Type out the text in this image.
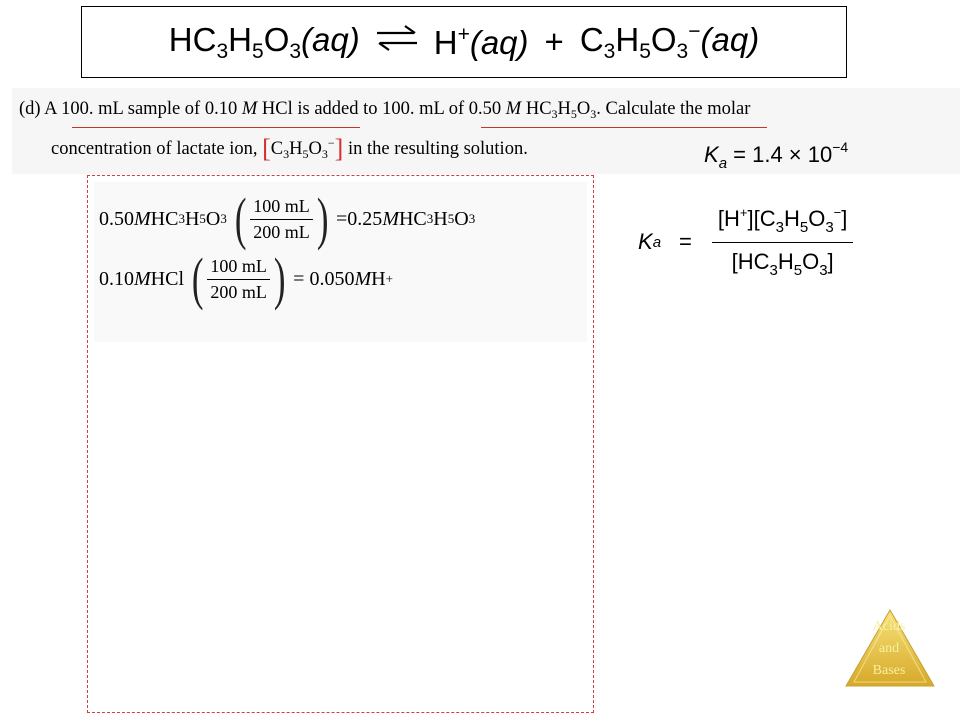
$HC_3H_5O_3(aq)$ ⇌ $H^+(aq) + C_3H_5O_3^-(aq)$
(d) A 100. mL sample of 0.10 M HCl is added to 100. mL of 0.50 M $HC_3H_5O_3$. Calculate the molar
concentration of lactate ion, $[C_3H_5O_3^-]$ in the resulting solution.	$K_a = 1.4 \times 10^{-4}$
0.50 M HC 3 H 5 O 3 ( $\frac{100 mL}{200 mL}$ ) =0.25 M HC 3 H 5 O 3
0.10 M HCl ( $\frac{100 mL}{200 mL}$ ) = 0.050 M H +
K $a = \frac{[H^+][C_3H_5O_3^-]}{[HC_3H_5O_3]}$
Acids
and
Bases
